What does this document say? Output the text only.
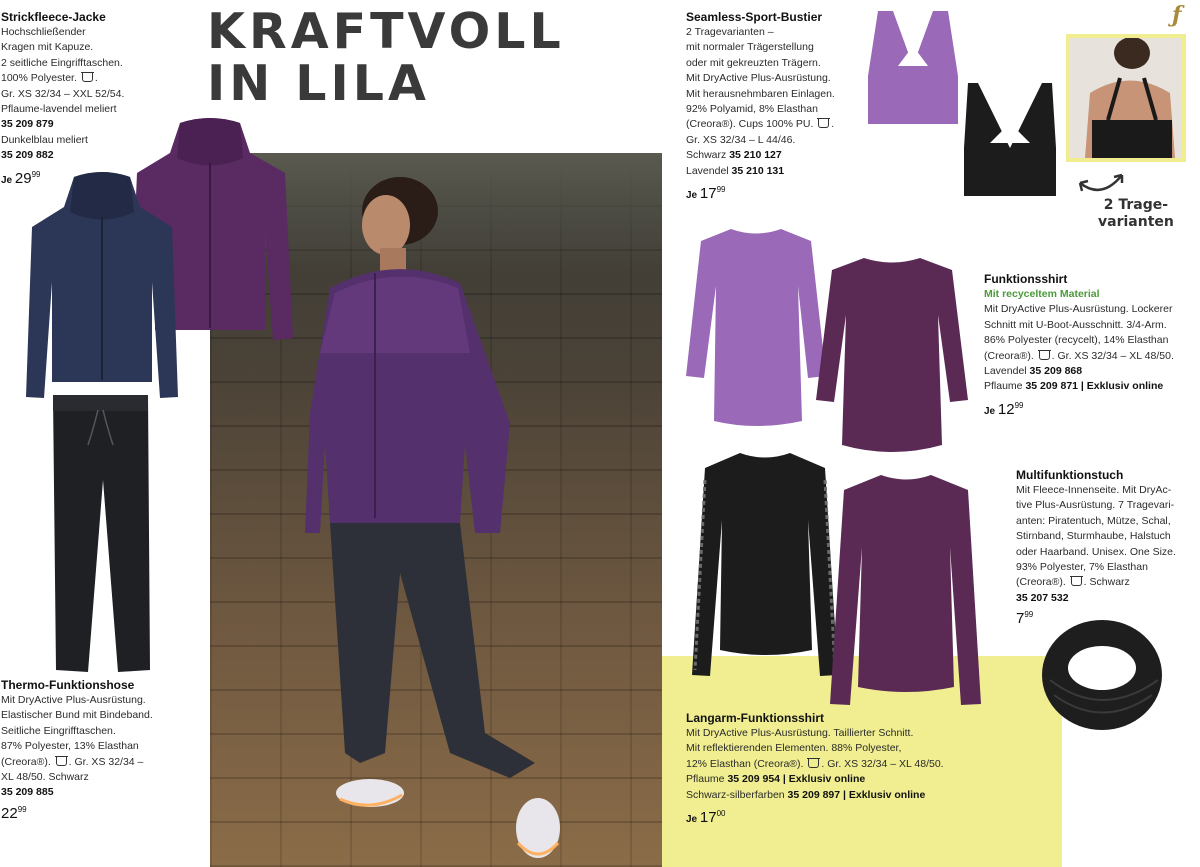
ƒ
KRAFTVOLL
IN LILA
2 Trage-
varianten
Strickfleece-Jacke
Hochschließender
Kragen mit Kapuze.
2 seitliche Eingrifftaschen.
100% Polyester. .
Gr. XS 32/34 – XXL 52/54.
Pflaume-lavendel meliert
35 209 879
Dunkelblau meliert
35 209 882
Je $29^{99}$
Thermo-Funktionshose
Mit DryActive Plus-Ausrüstung.
Elastischer Bund mit Bindeband.
Seitliche Eingrifftaschen.
87% Polyester, 13% Elasthan
(Creora®). . Gr. XS 32/34 –
XL 48/50. Schwarz
35 209 885
$22^{99}$
Seamless-Sport-Bustier
2 Tragevarianten –
mit normaler Trägerstellung
oder mit gekreuzten Trägern.
Mit DryActive Plus-Ausrüstung.
Mit herausnehmbaren Einlagen.
92% Polyamid, 8% Elasthan
(Creora®). Cups 100% PU. .
Gr. XS 32/34 – L 44/46.
Schwarz 35 210 127
Lavendel 35 210 131
Je $17^{99}$
Funktionsshirt
Mit recyceltem Material
Mit DryActive Plus-Ausrüstung. Lockerer
Schnitt mit U-Boot-Ausschnitt. 3/4-Arm.
86% Polyester (recycelt), 14% Elasthan
(Creora®). . Gr. XS 32/34 – XL 48/50.
Lavendel 35 209 868
Pflaume 35 209 871 | Exklusiv online
Je $12^{99}$
Multifunktionstuch
Mit Fleece-Innenseite. Mit DryAc-
tive Plus-Ausrüstung. 7 Tragevari-
anten: Piratentuch, Mütze, Schal,
Stirnband, Sturmhaube, Halstuch
oder Haarband. Unisex. One Size.
93% Polyester, 7% Elasthan
(Creora®). . Schwarz
35 207 532
$7^{99}$
Langarm-Funktionsshirt
Mit DryActive Plus-Ausrüstung. Taillierter Schnitt.
Mit reflektierenden Elementen. 88% Polyester,
12% Elasthan (Creora®). . Gr. XS 32/34 – XL 48/50.
Pflaume 35 209 954 | Exklusiv online
Schwarz-silberfarben 35 209 897 | Exklusiv online
Je $17^{00}$
